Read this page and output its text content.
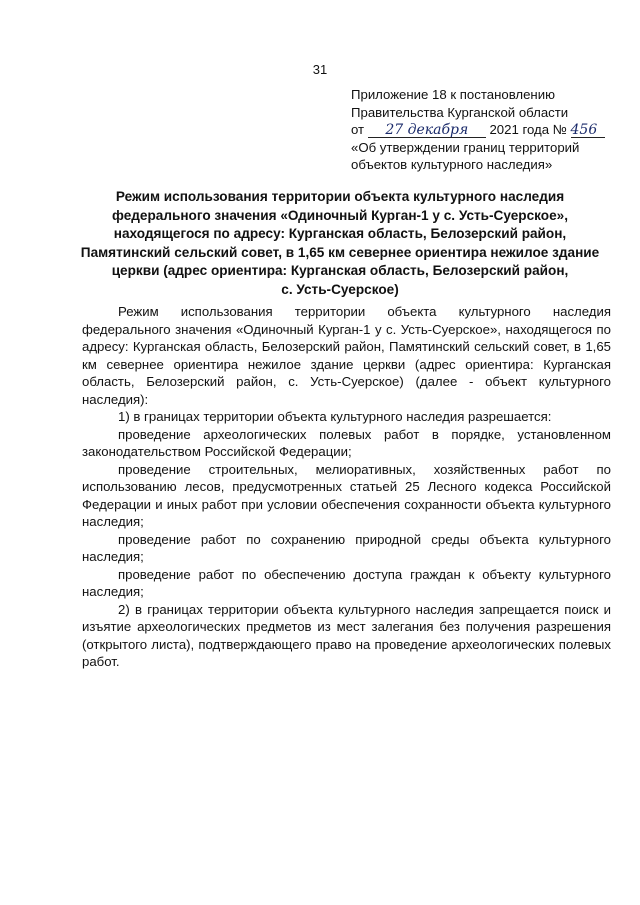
31
Приложение 18 к постановлению
Правительства Курганской области
от 27 декабря 2021 года № 456
«Об утверждении границ территорий
объектов культурного наследия»
Режим использования территории объекта культурного наследия
федерального значения «Одиночный Курган-1 у с. Усть-Суерское»,
находящегося по адресу: Курганская область, Белозерский район,
Памятинский сельский совет, в 1,65 км севернее ориентира нежилое здание
церкви (адрес ориентира: Курганская область, Белозерский район,
с. Усть-Суерское)

Режим использования территории объекта культурного наследия федерального значения «Одиночный Курган-1 у с. Усть-Суерское», находящегося по адресу: Курганская область, Белозерский район, Памятинский сельский совет, в 1,65 км севернее ориентира нежилое здание церкви (адрес ориентира: Курганская область, Белозерский район, с. Усть-Суерское) (далее - объект культурного наследия):

1) в границах территории объекта культурного наследия разрешается:

проведение археологических полевых работ в порядке, установленном законодательством Российской Федерации;

проведение строительных, мелиоративных, хозяйственных работ по использованию лесов, предусмотренных статьей 25 Лесного кодекса Российской Федерации и иных работ при условии обеспечения сохранности объекта культурного наследия;

проведение работ по сохранению природной среды объекта культурного наследия;

проведение работ по обеспечению доступа граждан к объекту культурного наследия;

2) в границах территории объекта культурного наследия запрещается поиск и изъятие археологических предметов из мест залегания без получения разрешения (открытого листа), подтверждающего право на проведение археологических полевых работ.
